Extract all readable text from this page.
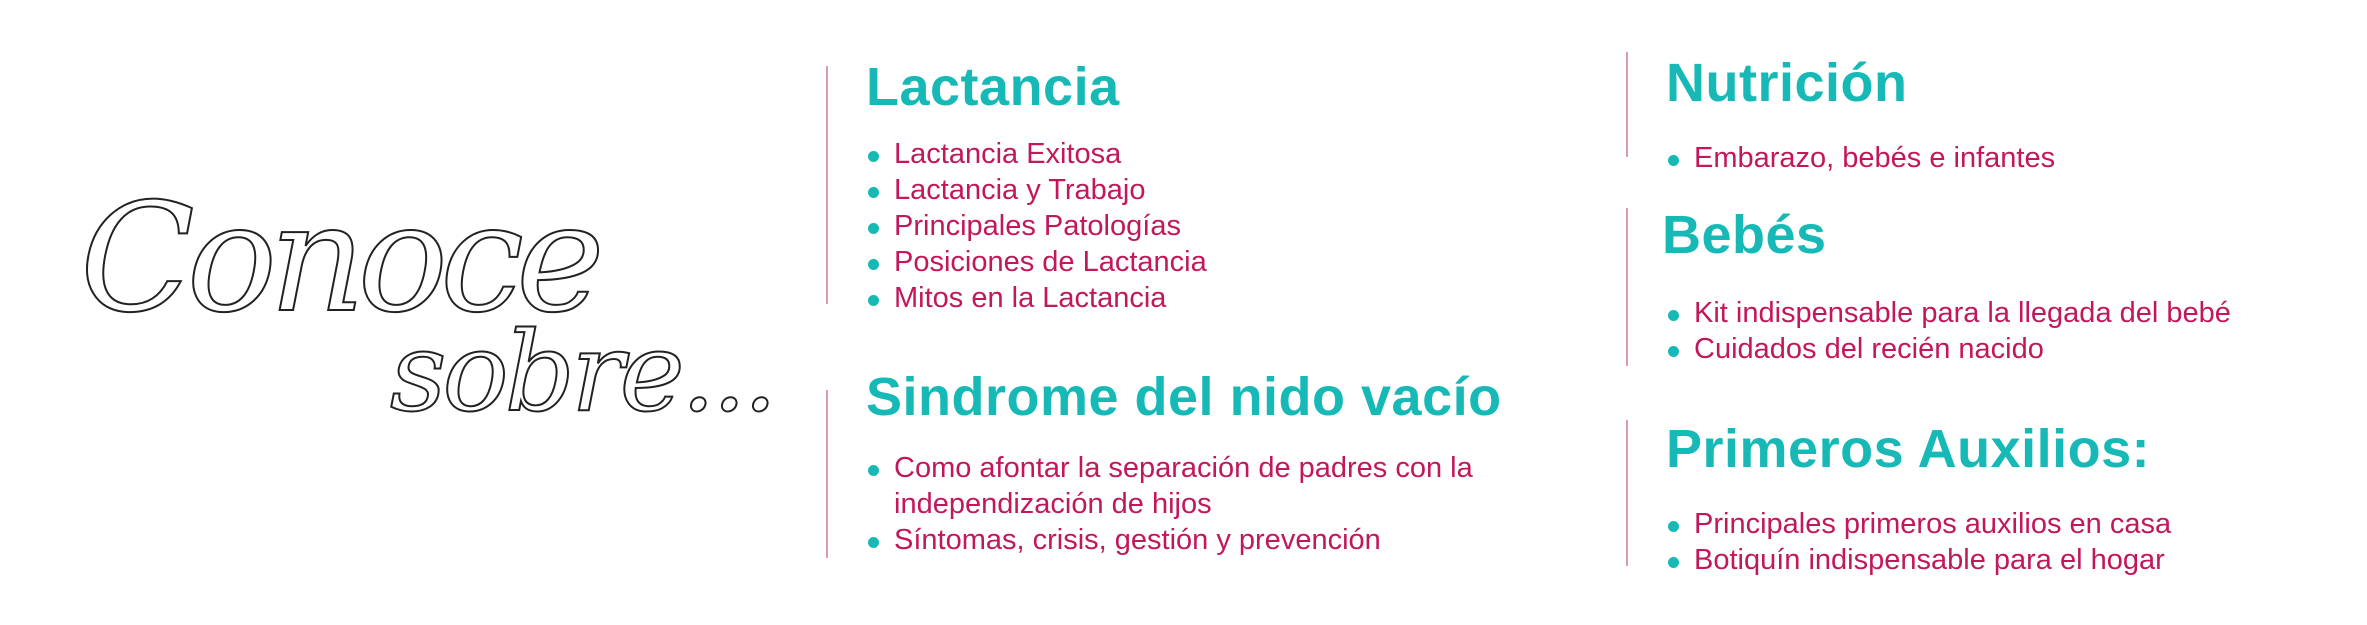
Conoce
sobre...
Lactancia
Lactancia Exitosa
Lactancia y Trabajo
Principales Patologías
Posiciones de Lactancia
Mitos en la Lactancia
Sindrome del nido vacío
Como afontar la separación de padres con la independización de hijos
Síntomas, crisis, gestión y prevención
Nutrición
Embarazo, bebés e infantes
Bebés
Kit indispensable para la llegada del bebé
Cuidados del recién nacido
Primeros Auxilios:
Principales primeros auxilios en casa
Botiquín indispensable para el hogar
